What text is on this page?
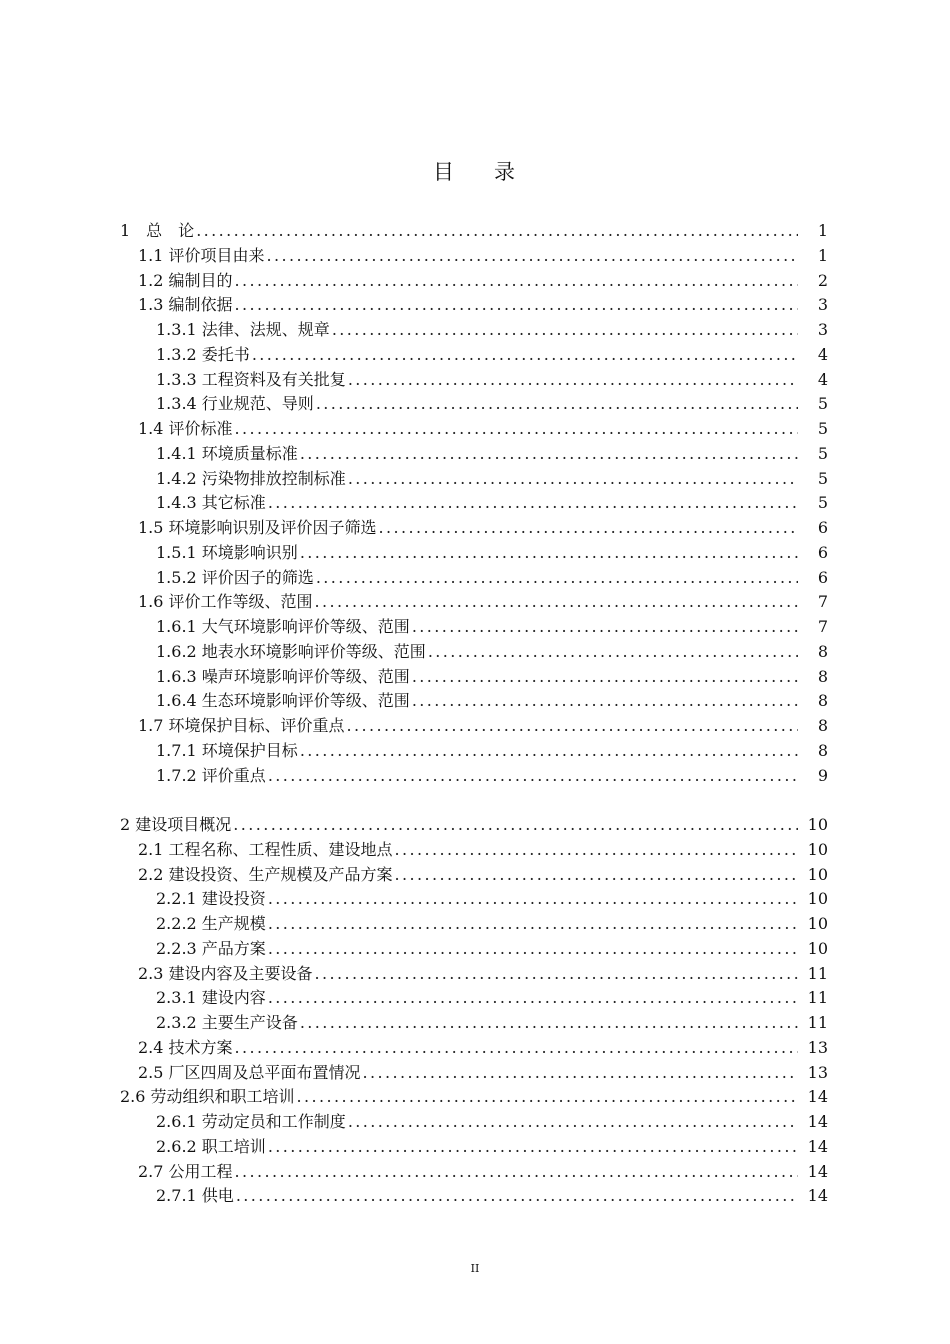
目 录
1　总　论 .....	1
1.1 评价项目由来 .....	1
1.2 编制目的 .....	2
1.3 编制依据 .....	3
1.3.1 法律、法规、规章 .....	3
1.3.2 委托书 .....	4
1.3.3 工程资料及有关批复 .....	4
1.3.4 行业规范、导则 .....	5
1.4 评价标准 .....	5
1.4.1 环境质量标准 .....	5
1.4.2 污染物排放控制标准 .....	5
1.4.3 其它标准 .....	5
1.5 环境影响识别及评价因子筛选 .....	6
1.5.1 环境影响识别 .....	6
1.5.2 评价因子的筛选 .....	6
1.6 评价工作等级、范围 .....	7
1.6.1 大气环境影响评价等级、范围 .....	7
1.6.2 地表水环境影响评价等级、范围 .....	8
1.6.3 噪声环境影响评价等级、范围 .....	8
1.6.4 生态环境影响评价等级、范围 .....	8
1.7 环境保护目标、评价重点 .....	8
1.7.1 环境保护目标 .....	8
1.7.2 评价重点 .....	9
2 建设项目概况 .....	10
2.1 工程名称、工程性质、建设地点 .....	10
2.2 建设投资、生产规模及产品方案 .....	10
2.2.1 建设投资 .....	10
2.2.2 生产规模 .....	10
2.2.3 产品方案 .....	10
2.3 建设内容及主要设备 .....	11
2.3.1 建设内容 .....	11
2.3.2 主要生产设备 .....	11
2.4 技术方案 .....	13
2.5 厂区四周及总平面布置情况 .....	13
2.6 劳动组织和职工培训 .....	14
2.6.1 劳动定员和工作制度 .....	14
2.6.2 职工培训 .....	14
2.7 公用工程 .....	14
2.7.1 供电 .....	14
II
